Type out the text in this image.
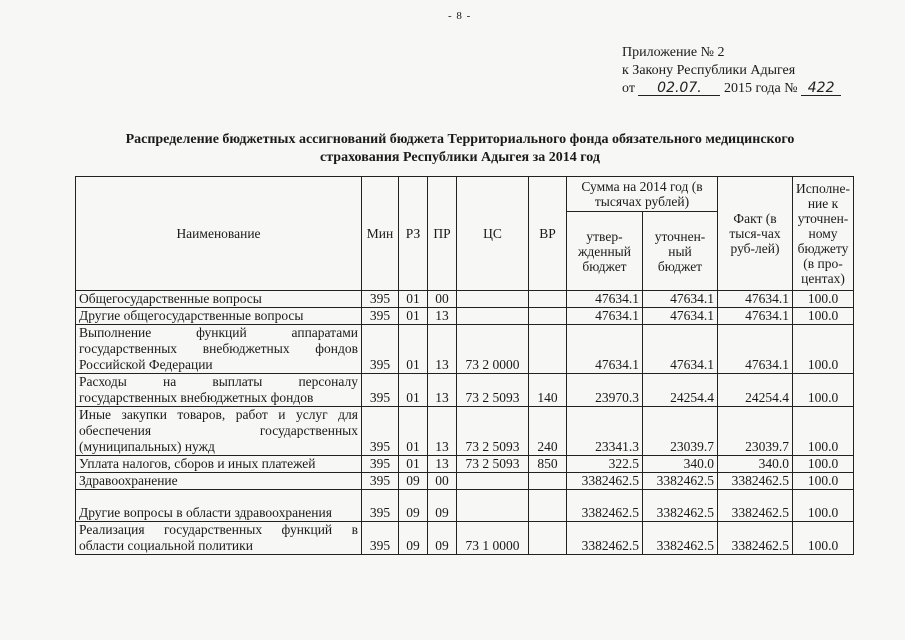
- 8 -
Приложение № 2
к Закону Республики Адыгея
от 02.07. 2015 года № 422
Распределение бюджетных ассигнований бюджета Территориального фонда обязательного медицинского
страхования Республики Адыгея за 2014 год
Наименование	Мин	РЗ	ПР	ЦС	ВР	Сумма на 2014 год (в тысячах рублей)		Факт (в тыся-чах руб-лей)	Исполне-ние к уточнен-ному бюджету (в про-центах)
						утвер-жденный бюджет	уточнен-ный бюджет		
Общегосударственные вопросы	395	01	00			47634.1	47634.1	47634.1	100.0
Другие общегосударственные вопросы	395	01	13			47634.1	47634.1	47634.1	100.0
Выполнение функций аппаратами государственных внебюджетных фондов Российской Федерации	395	01	13	73 2 0000		47634.1	47634.1	47634.1	100.0
Расходы на выплаты персоналу государственных внебюджетных фондов	395	01	13	73 2 5093	140	23970.3	24254.4	24254.4	100.0
Иные закупки товаров, работ и услуг для обеспечения государственных (муниципальных) нужд	395	01	13	73 2 5093	240	23341.3	23039.7	23039.7	100.0
Уплата налогов, сборов и иных платежей	395	01	13	73 2 5093	850	322.5	340.0	340.0	100.0
Здравоохранение	395	09	00			3382462.5	3382462.5	3382462.5	100.0
Другие вопросы в области здравоохранения	395	09	09			3382462.5	3382462.5	3382462.5	100.0
Реализация государственных функций в области социальной политики	395	09	09	73 1 0000		3382462.5	3382462.5	3382462.5	100.0
